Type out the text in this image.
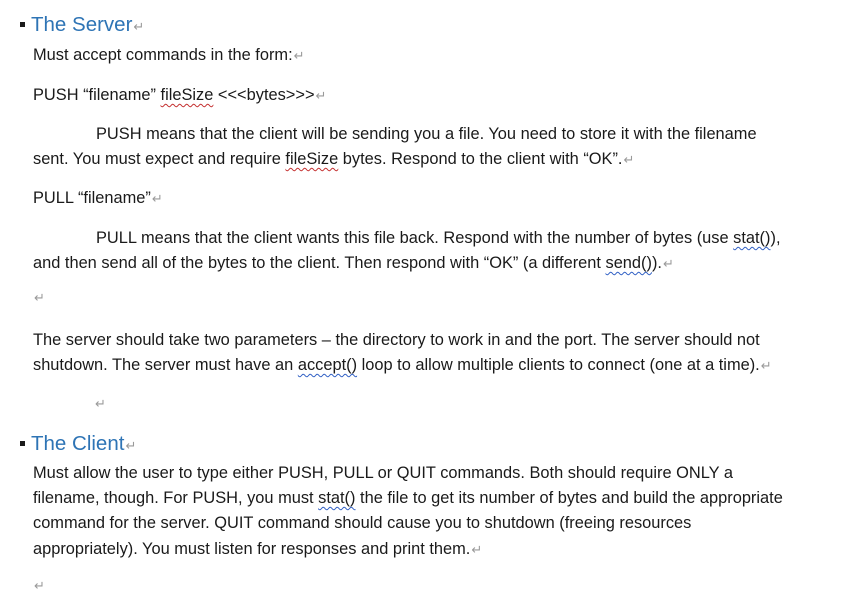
The Server↵
Must accept commands in the form:↵
PUSH “filename” fileSize <<<bytes>>>↵
PUSH means that the client will be sending you a file. You need to store it with the filename
sent. You must expect and require fileSize bytes. Respond to the client with “OK”.↵
PULL “filename”↵
PULL means that the client wants this file back. Respond with the number of bytes (use stat()),
and then send all of the bytes to the client. Then respond with “OK” (a different send()).↵
↵
The server should take two parameters – the directory to work in and the port. The server should not
shutdown. The server must have an accept() loop to allow multiple clients to connect (one at a time).↵
↵
The Client↵
Must allow the user to type either PUSH, PULL or QUIT commands. Both should require ONLY a
filename, though. For PUSH, you must stat() the file to get its number of bytes and build the appropriate
command for the server. QUIT command should cause you to shutdown (freeing resources
appropriately). You must listen for responses and print them.↵
↵
